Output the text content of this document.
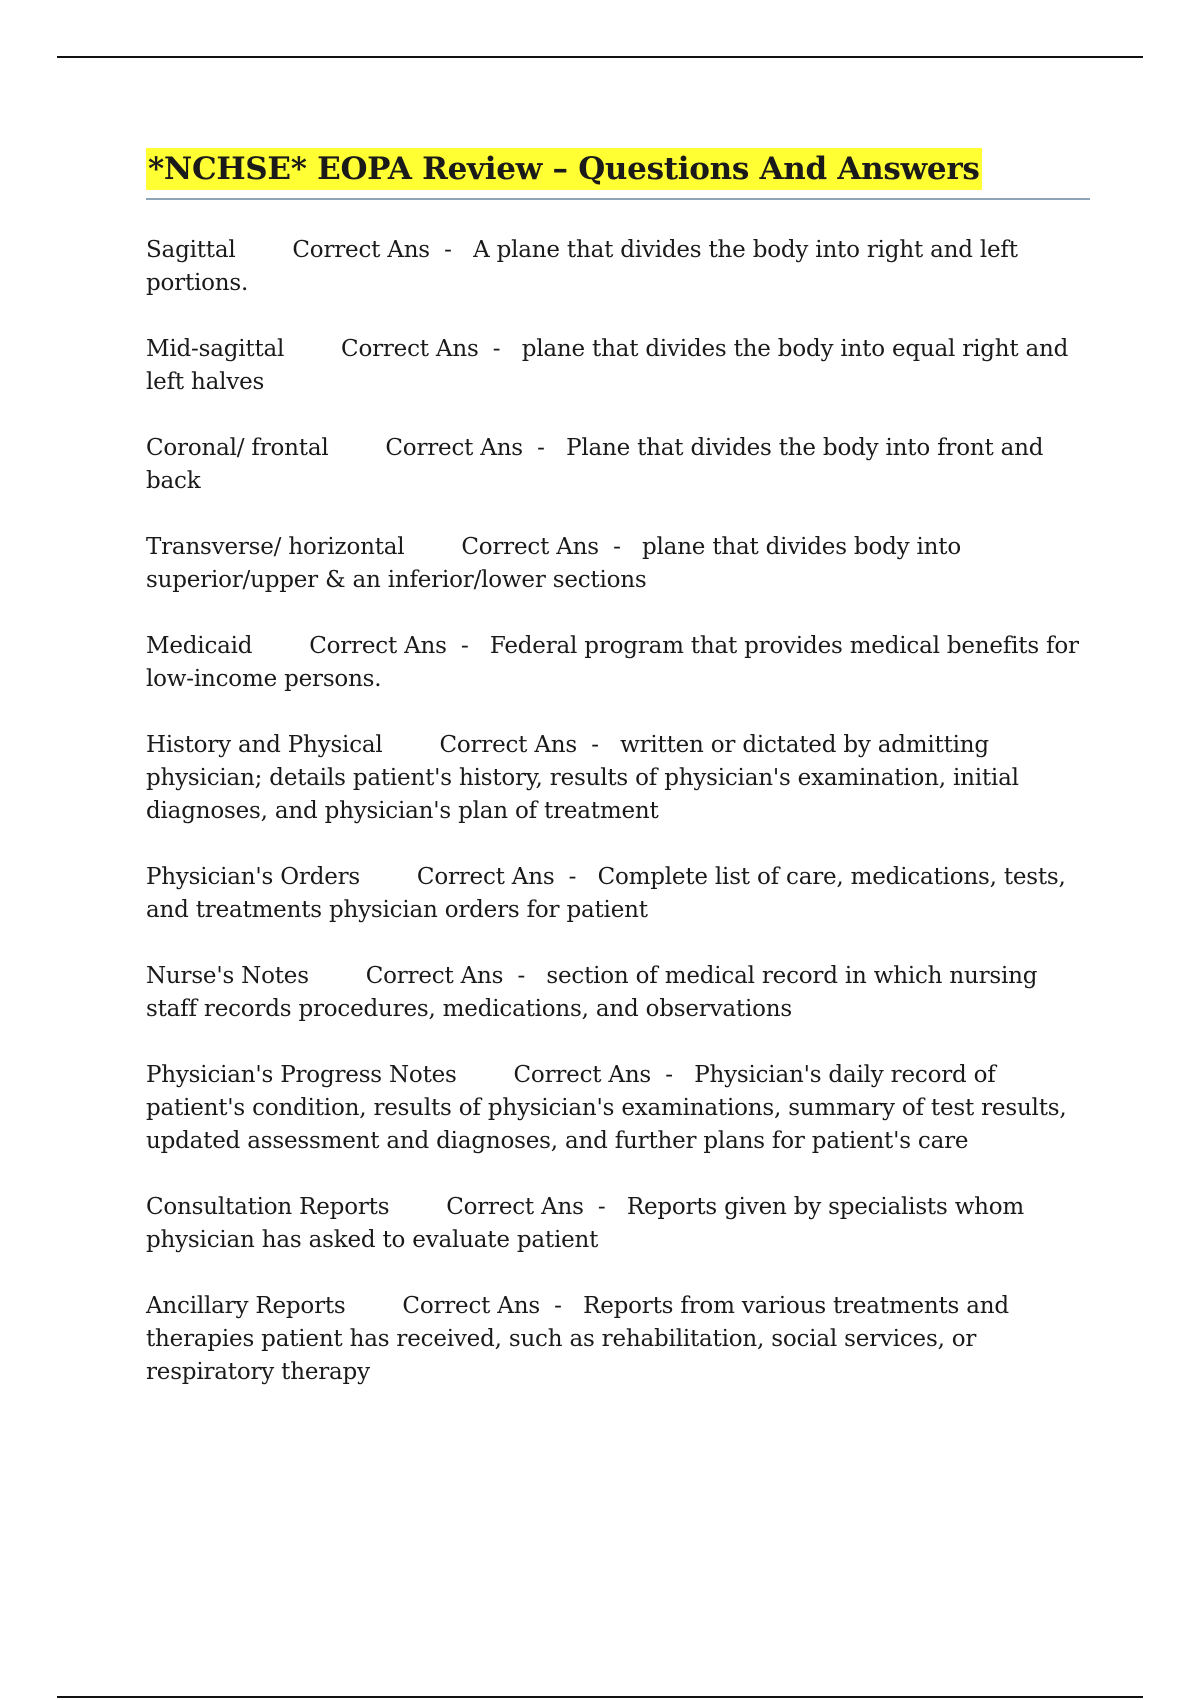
*NCHSE* EOPA Review – Questions And Answers

Sagittal Correct Ans  -   A plane that divides the body into right and left portions.

Mid-sagittal Correct Ans  -   plane that divides the body into equal right and left halves

Coronal/ frontal Correct Ans  -   Plane that divides the body into front and back

Transverse/ horizontal Correct Ans  -   plane that divides body into superior/upper & an inferior/lower sections

Medicaid Correct Ans  -   Federal program that provides medical benefits for low-income persons.

History and Physical Correct Ans  -   written or dictated by admitting physician; details patient's history, results of physician's examination, initial diagnoses, and physician's plan of treatment

Physician's Orders Correct Ans  -   Complete list of care, medications, tests, and treatments physician orders for patient

Nurse's Notes Correct Ans  -   section of medical record in which nursing staff records procedures, medications, and observations

Physician's Progress Notes Correct Ans  -   Physician's daily record of patient's condition, results of physician's examinations, summary of test results, updated assessment and diagnoses, and further plans for patient's care

Consultation Reports Correct Ans  -   Reports given by specialists whom physician has asked to evaluate patient

Ancillary Reports Correct Ans  -   Reports from various treatments and therapies patient has received, such as rehabilitation, social services, or respiratory therapy
